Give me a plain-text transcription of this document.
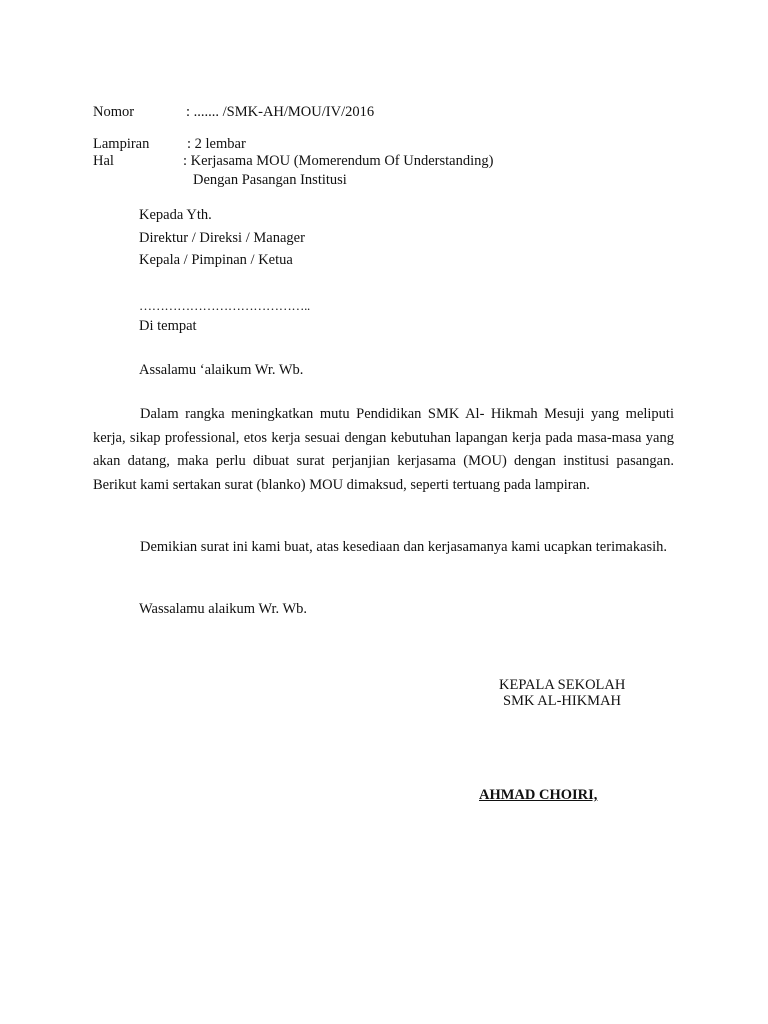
Nomor	: ....... /SMK-AH/MOU/IV/2016
Lampiran	: 2 lembar
Hal	: Kerjasama MOU (Momerendum Of Understanding)
Dengan Pasangan Institusi
Kepada Yth.
Direktur / Direksi / Manager
Kepala / Pimpinan / Ketua
…………………………………..
Di tempat
Assalamu ‘alaikum Wr. Wb.
Dalam rangka meningkatkan mutu Pendidikan SMK Al- Hikmah Mesuji yang meliputi kerja, sikap professional, etos kerja sesuai dengan kebutuhan lapangan kerja pada masa-masa yang akan datang, maka perlu dibuat surat perjanjian kerjasama (MOU) dengan institusi pasangan. Berikut kami sertakan surat (blanko) MOU dimaksud, seperti tertuang pada lampiran.
Demikian surat ini kami buat, atas kesediaan dan kerjasamanya kami ucapkan terimakasih.
Wassalamu alaikum Wr. Wb.
KEPALA SEKOLAH
SMK AL-HIKMAH
AHMAD CHOIRI,
